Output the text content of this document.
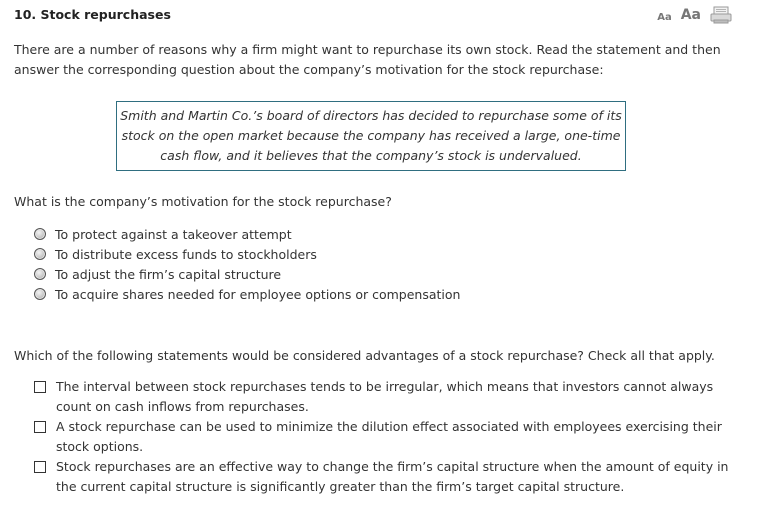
10. Stock repurchases	Aa Aa
There are a number of reasons why a firm might want to repurchase its own stock. Read the statement and then answer the corresponding question about the company’s motivation for the stock repurchase:
Smith and Martin Co.’s board of directors has decided to repurchase some of its
stock on the open market because the company has received a large, one-time
cash flow, and it believes that the company’s stock is undervalued.
What is the company’s motivation for the stock repurchase?
To protect against a takeover attempt
To distribute excess funds to stockholders
To adjust the firm’s capital structure
To acquire shares needed for employee options or compensation
Which of the following statements would be considered advantages of a stock repurchase? Check all that apply.
The interval between stock repurchases tends to be irregular, which means that investors cannot always count on cash inflows from repurchases.
A stock repurchase can be used to minimize the dilution effect associated with employees exercising their stock options.
Stock repurchases are an effective way to change the firm’s capital structure when the amount of equity in the current capital structure is significantly greater than the firm’s target capital structure.
